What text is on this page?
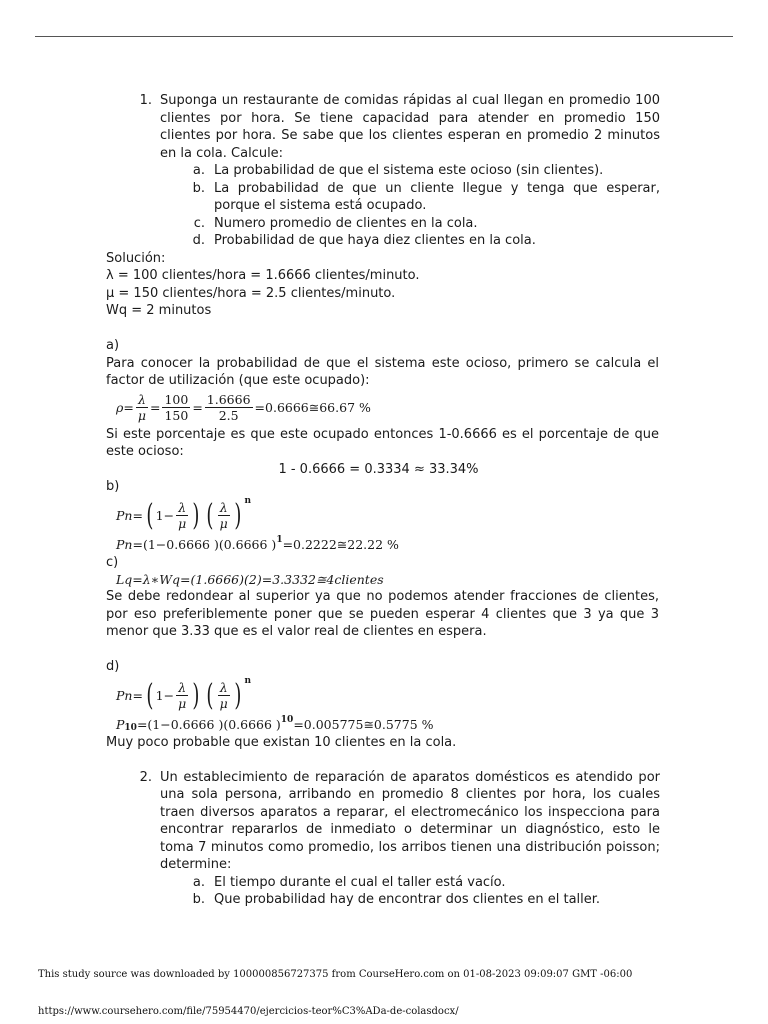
1. Suponga un restaurante de comidas rápidas al cual llegan en promedio 100 clientes por hora. Se tiene capacidad para atender en promedio 150 clientes por hora. Se sabe que los clientes esperan en promedio 2 minutos en la cola. Calcule:
a. La probabilidad de que el sistema este ocioso (sin clientes).
b. La probabilidad de que un cliente llegue y tenga que esperar, porque el sistema está ocupado.
c. Numero promedio de clientes en la cola.
d. Probabilidad de que haya diez clientes en la cola.

Solución:

λ = 100 clientes/hora = 1.6666 clientes/minuto.

µ = 150 clientes/hora = 2.5 clientes/minuto.

Wq = 2 minutos

a)

Para conocer la probabilidad de que el sistema este ocioso, primero se calcula el factor de utilización (que este ocupado):

$\rho = \frac{\lambda}{\mu} = \frac{100}{150} = \frac{1.6666}{2.5}$ =0.6666≅66.67 %

Si este porcentaje es que este ocupado entonces 1-0.6666 es el porcentaje de que este ocioso:

1 - 0.6666 = 0.3334 ≈ 33.34%

b)

Pn = ( $1- \frac{\lambda}{\mu}$ ) ( $\frac{\lambda}{\mu}$ ) n
Pn =(1−0.6666 )(0.6666 ) 1 =0.2222≅22.22 %

c)

Lq=λ∗Wq=(1.6666)(2)=3.3332≅4 clientes

Se debe redondear al superior ya que no podemos atender fracciones de clientes, por eso preferiblemente poner que se pueden esperar 4 clientes que 3 ya que 3 menor que 3.33 que es el valor real de clientes en espera.

d)

Pn = ( $1- \frac{\lambda}{\mu}$ ) ( $\frac{\lambda}{\mu}$ ) n
P 10 =(1−0.6666 )(0.6666 ) 10 =0.005775≅0.5775 %

Muy poco probable que existan 10 clientes en la cola.

2. Un establecimiento de reparación de aparatos domésticos es atendido por una sola persona, arribando en promedio 8 clientes por hora, los cuales traen diversos aparatos a reparar, el electromecánico los inspecciona para encontrar repararlos de inmediato o determinar un diagnóstico, esto le toma 7 minutos como promedio, los arribos tienen una distribución poisson; determine:
a. El tiempo durante el cual el taller está vacío.
b. Que probabilidad hay de encontrar dos clientes en el taller.
This study source was downloaded by 100000856727375 from CourseHero.com on 01-08-2023 09:09:07 GMT -06:00
https://www.coursehero.com/file/75954470/ejercicios-teor%C3%ADa-de-colasdocx/
